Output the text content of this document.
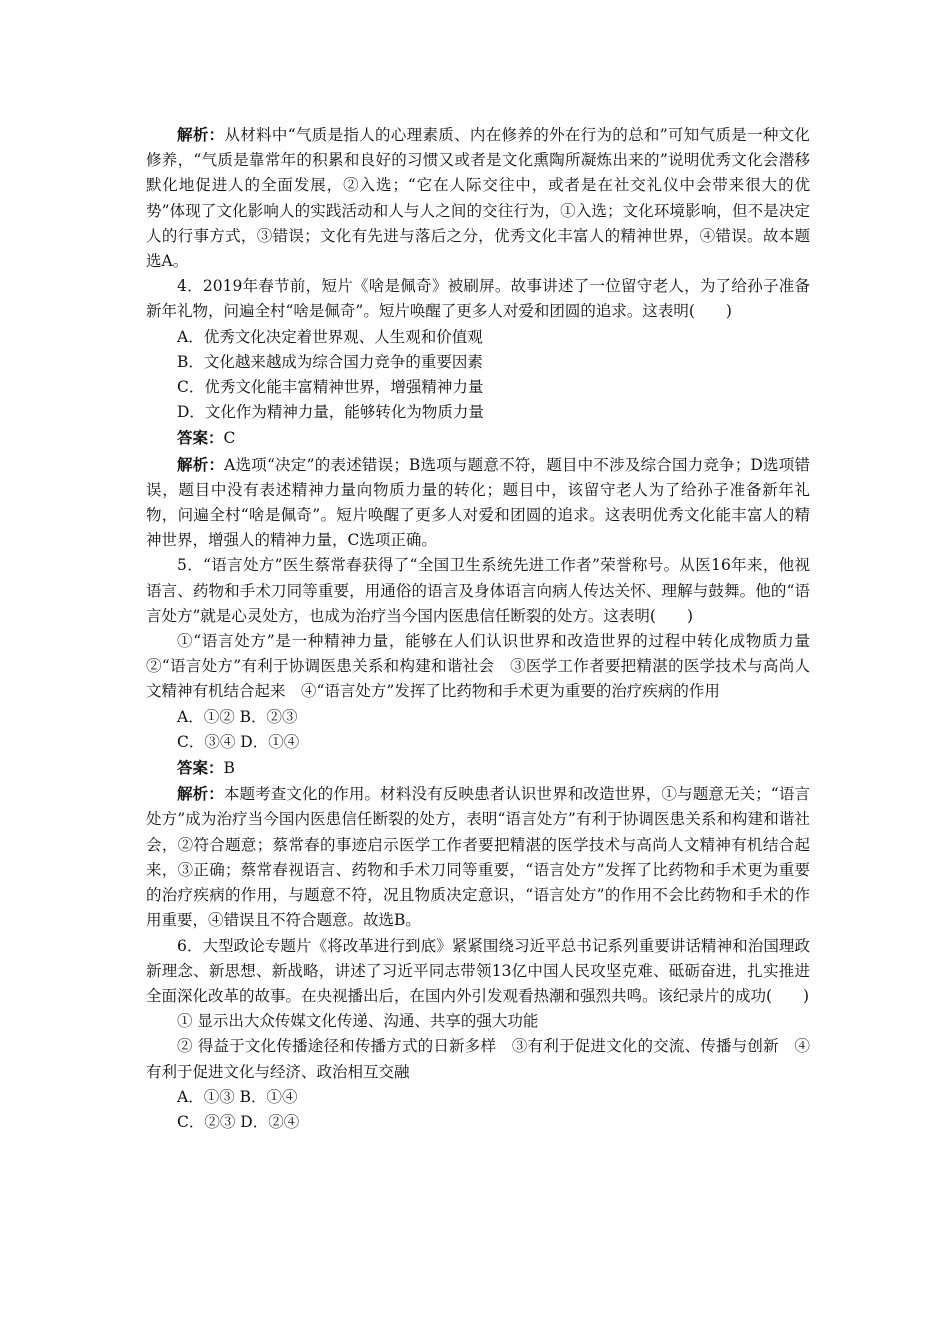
解析：从材料中“气质是指人的心理素质、内在修养的外在行为的总和”可知气质是一种文化修养，“气质是靠常年的积累和良好的习惯又或者是文化熏陶所凝炼出来的”说明优秀文化会潜移默化地促进人的全面发展，②入选；“它在人际交往中，或者是在社交礼仪中会带来很大的优势”体现了文化影响人的实践活动和人与人之间的交往行为，①入选；文化环境影响，但不是决定人的行事方式，③错误；文化有先进与落后之分，优秀文化丰富人的精神世界，④错误。故本题选A。

4．2019年春节前，短片《啥是佩奇》被刷屏。故事讲述了一位留守老人，为了给孙子准备新年礼物，问遍全村“啥是佩奇”。短片唤醒了更多人对爱和团圆的追求。这表明(　　)

A．优秀文化决定着世界观、人生观和价值观

B．文化越来越成为综合国力竞争的重要因素

C．优秀文化能丰富精神世界，增强精神力量

D．文化作为精神力量，能够转化为物质力量

答案：C

解析：A选项“决定”的表述错误；B选项与题意不符，题目中不涉及综合国力竞争；D选项错误，题目中没有表述精神力量向物质力量的转化；题目中，该留守老人为了给孙子准备新年礼物，问遍全村“啥是佩奇”。短片唤醒了更多人对爱和团圆的追求。这表明优秀文化能丰富人的精神世界，增强人的精神力量，C选项正确。

5．“语言处方”医生蔡常春获得了“全国卫生系统先进工作者”荣誉称号。从医16年来，他视语言、药物和手术刀同等重要，用通俗的语言及身体语言向病人传达关怀、理解与鼓舞。他的“语言处方”就是心灵处方，也成为治疗当今国内医患信任断裂的处方。这表明(　　)

①“语言处方”是一种精神力量，能够在人们认识世界和改造世界的过程中转化成物质力量　②“语言处方”有利于协调医患关系和构建和谐社会　③医学工作者要把精湛的医学技术与高尚人文精神有机结合起来　④“语言处方”发挥了比药物和手术更为重要的治疗疾病的作用

A．①② B．②③

C．③④ D．①④

答案：B

解析：本题考查文化的作用。材料没有反映患者认识世界和改造世界，①与题意无关；“语言处方”成为治疗当今国内医患信任断裂的处方，表明“语言处方”有利于协调医患关系和构建和谐社会，②符合题意；蔡常春的事迹启示医学工作者要把精湛的医学技术与高尚人文精神有机结合起来，③正确；蔡常春视语言、药物和手术刀同等重要，“语言处方”发挥了比药物和手术更为重要的治疗疾病的作用，与题意不符，况且物质决定意识，“语言处方”的作用不会比药物和手术的作用重要，④错误且不符合题意。故选B。

6．大型政论专题片《将改革进行到底》紧紧围绕习近平总书记系列重要讲话精神和治国理政新理念、新思想、新战略，讲述了习近平同志带领13亿中国人民攻坚克难、砥砺奋进，扎实推进全面深化改革的故事。在央视播出后，在国内外引发观看热潮和强烈共鸣。该纪录片的成功(　　)

① 显示出大众传媒文化传递、沟通、共享的强大功能

② 得益于文化传播途径和传播方式的日新多样　③有利于促进文化的交流、传播与创新　④有利于促进文化与经济、政治相互交融

A．①③ B．①④

C．②③ D．②④
